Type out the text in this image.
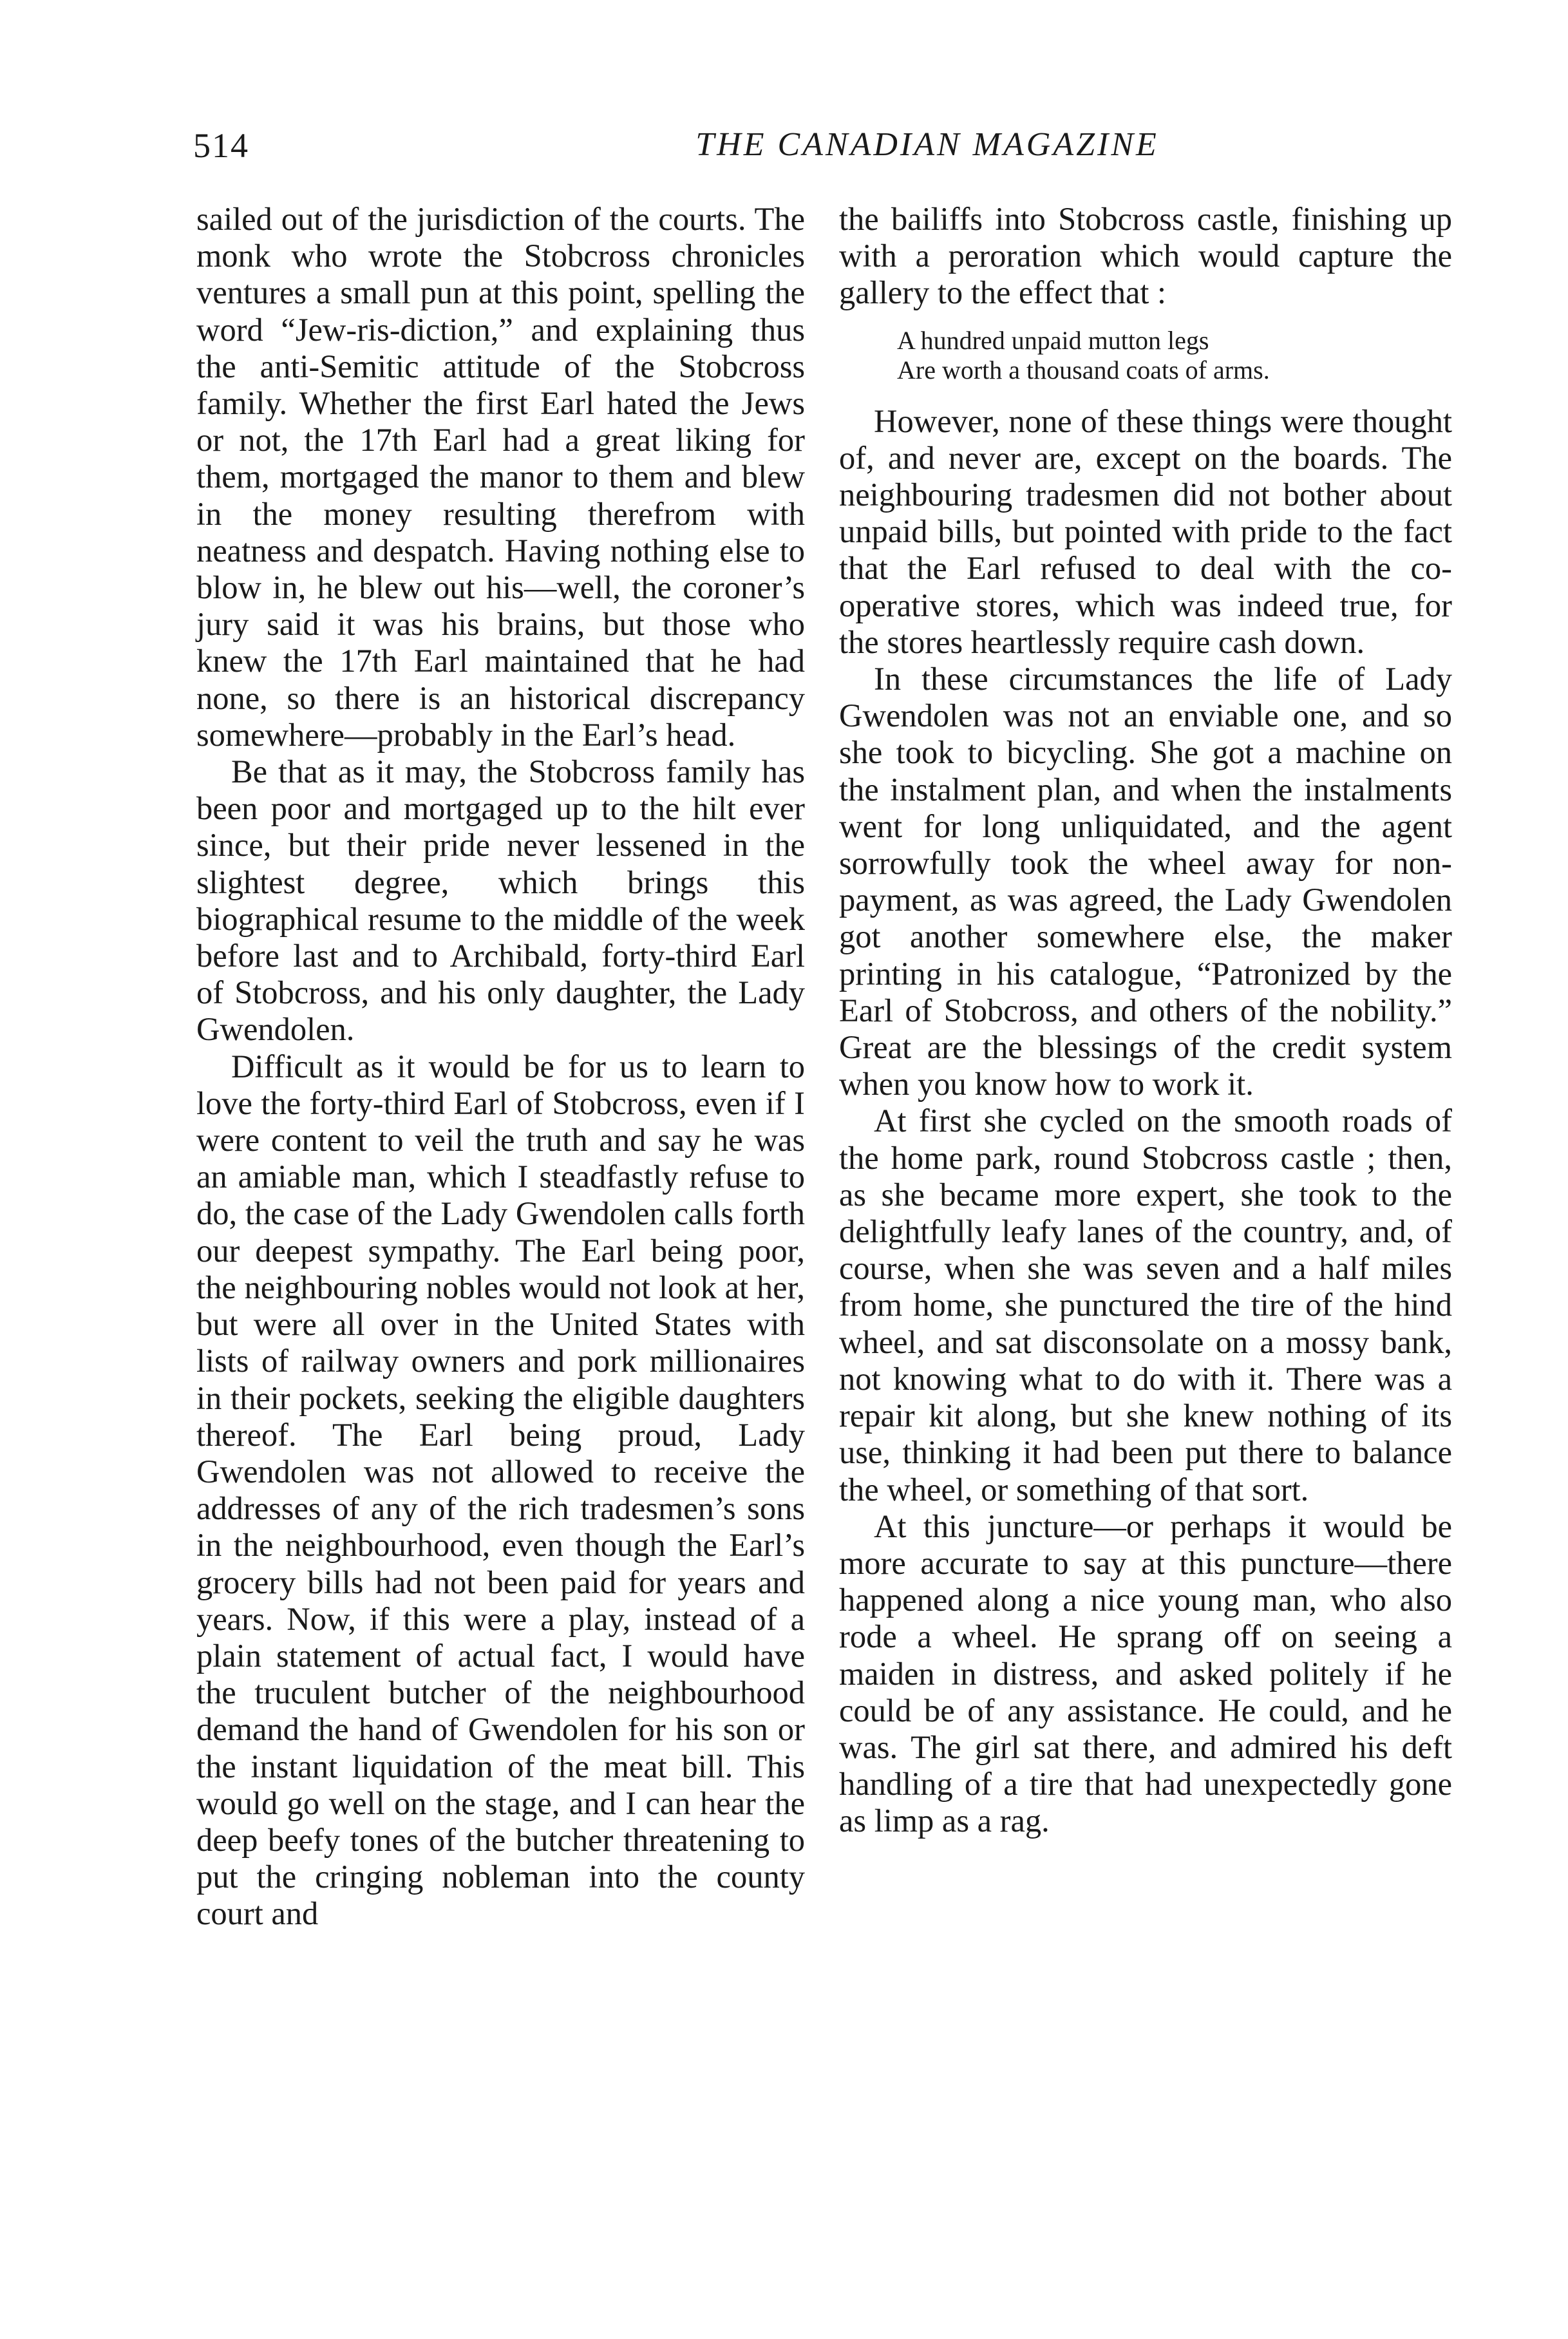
514	THE CANADIAN MAGAZINE

sailed out of the jurisdiction of the courts. The monk who wrote the Stobcross chronicles ventures a small pun at this point, spelling the word “Jew-ris-diction,” and explaining thus the anti-Semitic attitude of the Stobcross family. Whether the first Earl hated the Jews or not, the 17th Earl had a great liking for them, mortgaged the manor to them and blew in the money resulting therefrom with neatness and despatch. Having nothing else to blow in, he blew out his—well, the coroner’s jury said it was his brains, but those who knew the 17th Earl maintained that he had none, so there is an historical discrepancy somewhere—probably in the Earl’s head.

Be that as it may, the Stobcross family has been poor and mortgaged up to the hilt ever since, but their pride never lessened in the slightest degree, which brings this biographical resume to the middle of the week before last and to Archibald, forty-third Earl of Stobcross, and his only daughter, the Lady Gwendolen.

Difficult as it would be for us to learn to love the forty-third Earl of Stobcross, even if I were content to veil the truth and say he was an amiable man, which I steadfastly refuse to do, the case of the Lady Gwendolen calls forth our deepest sympathy. The Earl being poor, the neighbouring nobles would not look at her, but were all over in the United States with lists of railway owners and pork millionaires in their pockets, seeking the eligible daughters thereof. The Earl being proud, Lady Gwendolen was not allowed to receive the addresses of any of the rich tradesmen’s sons in the neighbourhood, even though the Earl’s grocery bills had not been paid for years and years. Now, if this were a play, instead of a plain statement of actual fact, I would have the truculent butcher of the neighbourhood demand the hand of Gwendolen for his son or the instant liquidation of the meat bill. This would go well on the stage, and I can hear the deep beefy tones of the butcher threatening to put the cringing nobleman into the county court and

the bailiffs into Stobcross castle, finishing up with a peroration which would capture the gallery to the effect that :

A hundred unpaid mutton legs
Are worth a thousand coats of arms.

However, none of these things were thought of, and never are, except on the boards. The neighbouring tradesmen did not bother about unpaid bills, but pointed with pride to the fact that the Earl refused to deal with the co-operative stores, which was indeed true, for the stores heartlessly require cash down.

In these circumstances the life of Lady Gwendolen was not an enviable one, and so she took to bicycling. She got a machine on the instalment plan, and when the instalments went for long unliquidated, and the agent sorrowfully took the wheel away for non-payment, as was agreed, the Lady Gwendolen got another somewhere else, the maker printing in his catalogue, “Patronized by the Earl of Stobcross, and others of the nobility.” Great are the blessings of the credit system when you know how to work it.

At first she cycled on the smooth roads of the home park, round Stobcross castle ; then, as she became more expert, she took to the delightfully leafy lanes of the country, and, of course, when she was seven and a half miles from home, she punctured the tire of the hind wheel, and sat disconsolate on a mossy bank, not knowing what to do with it. There was a repair kit along, but she knew nothing of its use, thinking it had been put there to balance the wheel, or something of that sort.

At this juncture—or perhaps it would be more accurate to say at this puncture—there happened along a nice young man, who also rode a wheel. He sprang off on seeing a maiden in distress, and asked politely if he could be of any assistance. He could, and he was. The girl sat there, and admired his deft handling of a tire that had unexpectedly gone as limp as a rag.
